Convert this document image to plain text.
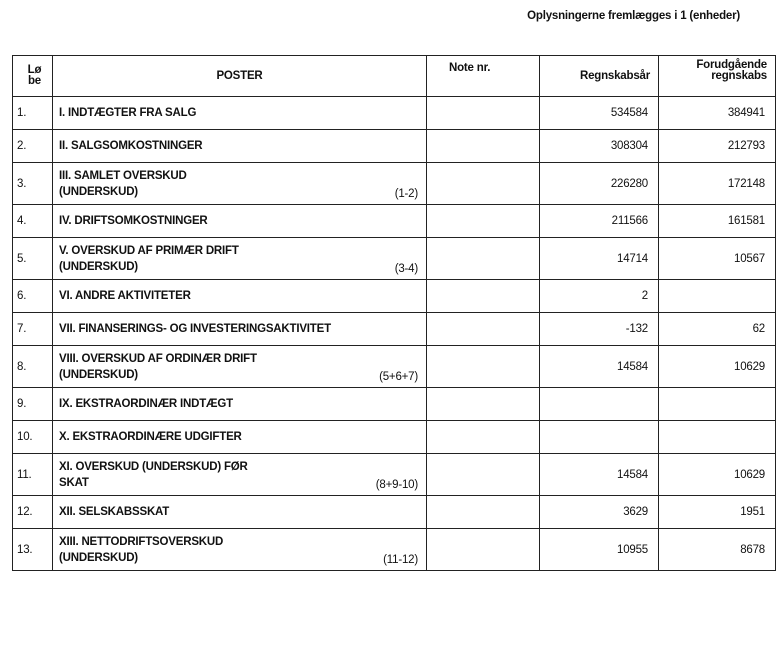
Oplysningerne fremlægges i 1 (enheder)
Lø
be	POSTER	Note nr.	Regnskabsår	Forudgående
regnskabs
1.	I. INDTÆGTER FRA SALG		534584	384941
2.	II. SALGSOMKOSTNINGER		308304	212793
3.	III. SAMLET OVERSKUD
(UNDERSKUD) (1-2)		226280	172148
4.	IV. DRIFTSOMKOSTNINGER		211566	161581
5.	V. OVERSKUD AF PRIMÆR DRIFT
(UNDERSKUD) (3-4)		14714	10567
6.	VI. ANDRE AKTIVITETER		2	
7.	VII. FINANSERINGS- OG INVESTERINGSAKTIVITET		-132	62
8.	VIII. OVERSKUD AF ORDINÆR DRIFT
(UNDERSKUD) (5+6+7)		14584	10629
9.	IX. EKSTRAORDINÆR INDTÆGT			

10.	X. EKSTRAORDINÆRE UDGIFTER			

11.	XI. OVERSKUD (UNDERSKUD) FØR
SKAT (8+9-10)		14584	10629
12.	XII. SELSKABSSKAT		3629	1951
13.	XIII. NETTODRIFTSOVERSKUD
(UNDERSKUD) (11-12)		10955	8678
